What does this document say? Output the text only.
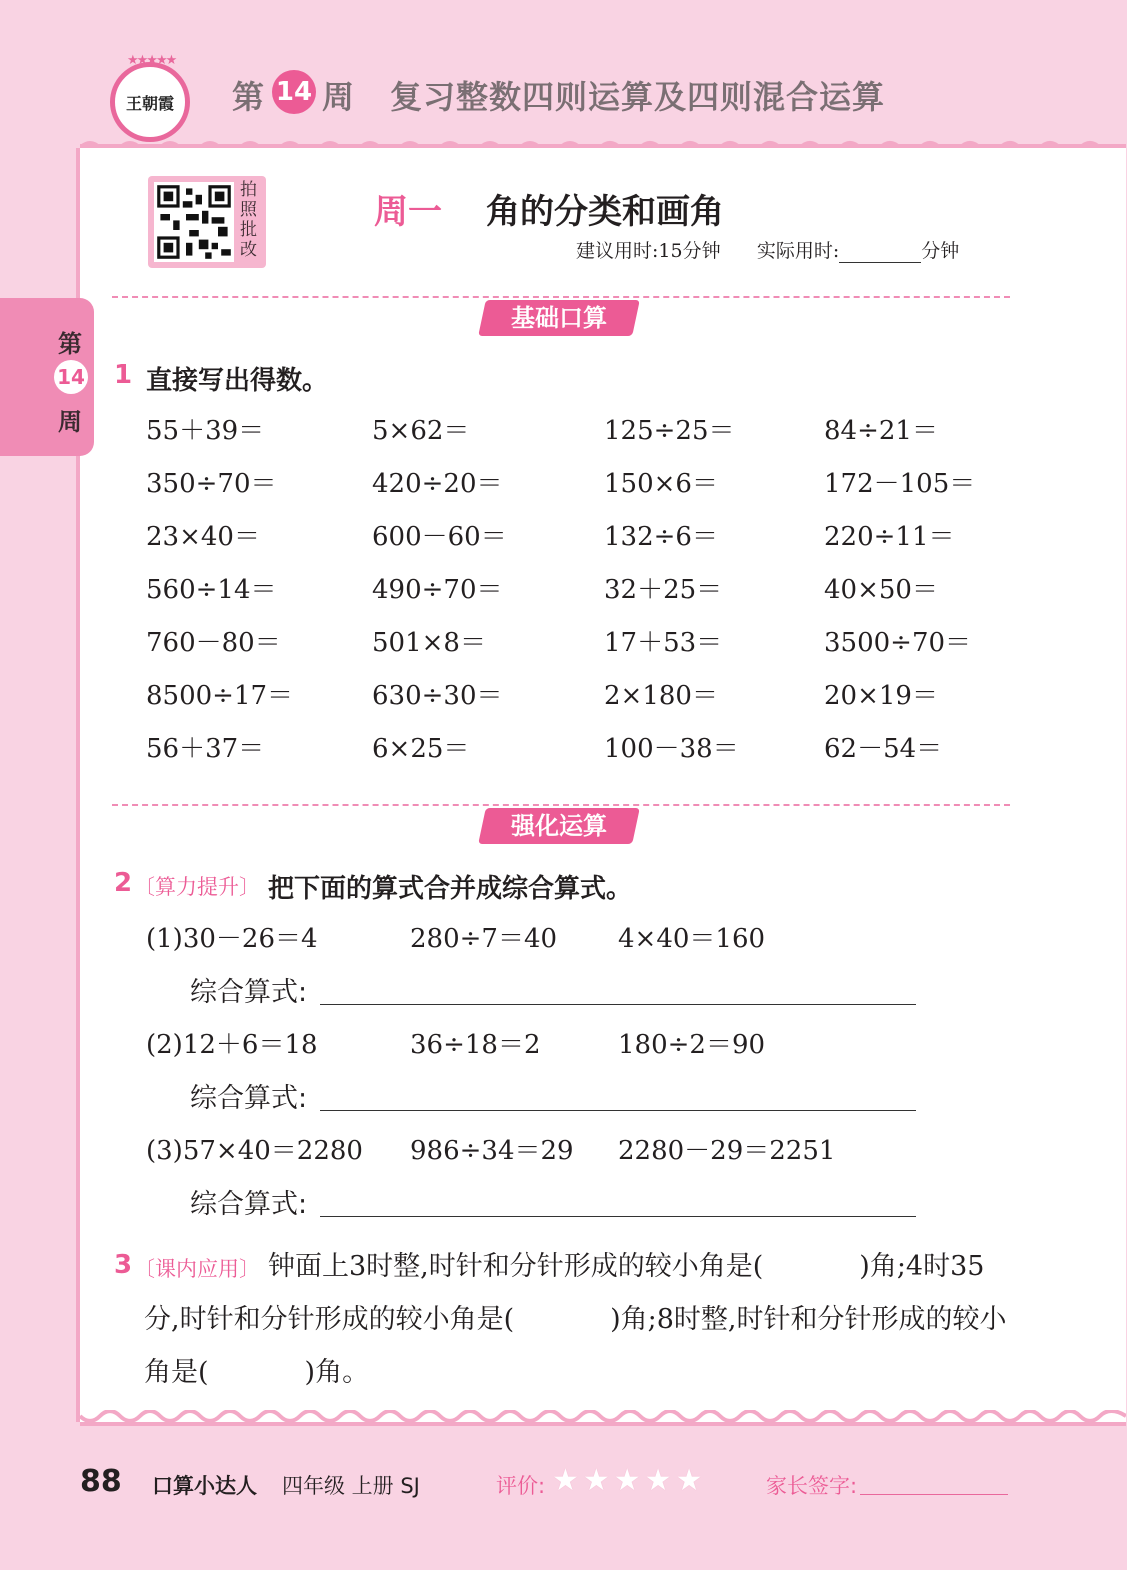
★★★★★
王朝霞	第 14 周 复习整数四则运算及四则混合运算
第
14
周
拍照批改
周一 角的分类和画角
建议用时:15分钟 实际用时:	分钟
基础口算
1 直接写出得数。
55＋39＝	5×62＝	125÷25＝	84÷21＝
350÷70＝	420÷20＝	150×6＝	172－105＝
23×40＝	600－60＝	132÷6＝	220÷11＝
560÷14＝	490÷70＝	32＋25＝	40×50＝
760－80＝	501×8＝	17＋53＝	3500÷70＝
8500÷17＝	630÷30＝	2×180＝	20×19＝
56＋37＝	6×25＝	100－38＝	62－54＝
强化运算
2 〔算力提升〕 把下面的算式合并成综合算式。
(1)30－26＝4	280÷7＝40 4×40＝160
综合算式:
(2)12＋6＝18	36÷18＝2	180÷2＝90
综合算式:
(3)57×40＝2280 986÷34＝29 2280－29＝2251
综合算式:
3 〔课内应用〕 钟面上3时整,时针和分针形成的较小角是(	)角;4时35分,时针和分针形成的较小角是(	)角;8时整,时针和分针形成的较小角是(	)角。
88 口算小达人 四年级 上册 SJ	评价: ★★★★★	家长签字:
